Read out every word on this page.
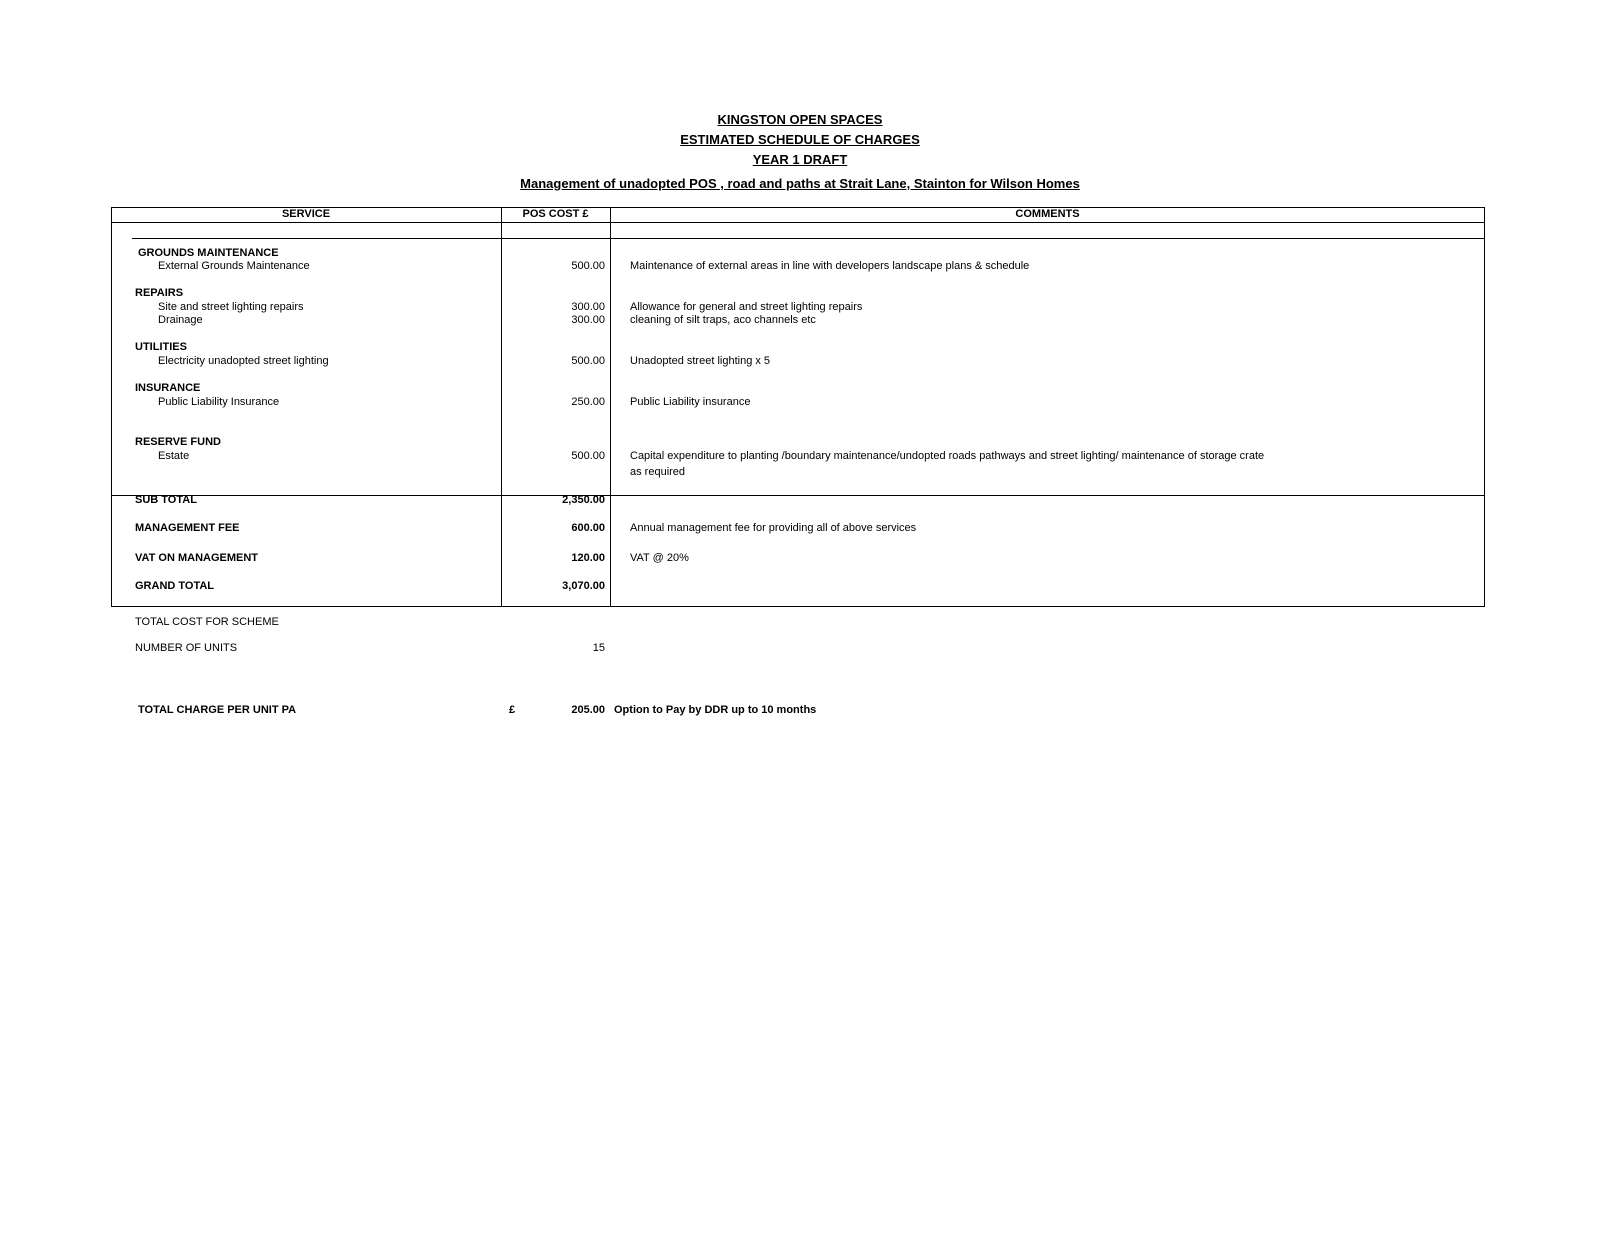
KINGSTON OPEN SPACES
ESTIMATED SCHEDULE OF CHARGES
YEAR 1 DRAFT
Management of unadopted POS , road and paths at Strait Lane, Stainton for Wilson Homes
SERVICE	POS COST £	COMMENTS
GROUNDS MAINTENANCE
External Grounds Maintenance	500.00 Maintenance of external areas in line with developers landscape plans & schedule
REPAIRS
Site and street lighting repairs	300.00 Allowance for general and street lighting repairs
Drainage	300.00 cleaning of silt traps, aco channels etc
UTILITIES
Electricity unadopted street lighting	500.00 Unadopted street lighting x 5
INSURANCE
Public Liability Insurance	250.00 Public Liability insurance
RESERVE FUND
Estate	500.00 Capital expenditure to planting /boundary maintenance/undopted roads pathways and street lighting/ maintenance of storage crate
as required
SUB TOTAL	2,350.00
MANAGEMENT FEE	600.00 Annual management fee for providing all of above services
VAT ON MANAGEMENT	120.00 VAT @ 20%
GRAND TOTAL	3,070.00
TOTAL COST FOR SCHEME
NUMBER OF UNITS	15
TOTAL CHARGE PER UNIT PA	£	205.00 Option to Pay by DDR up to 10 months
